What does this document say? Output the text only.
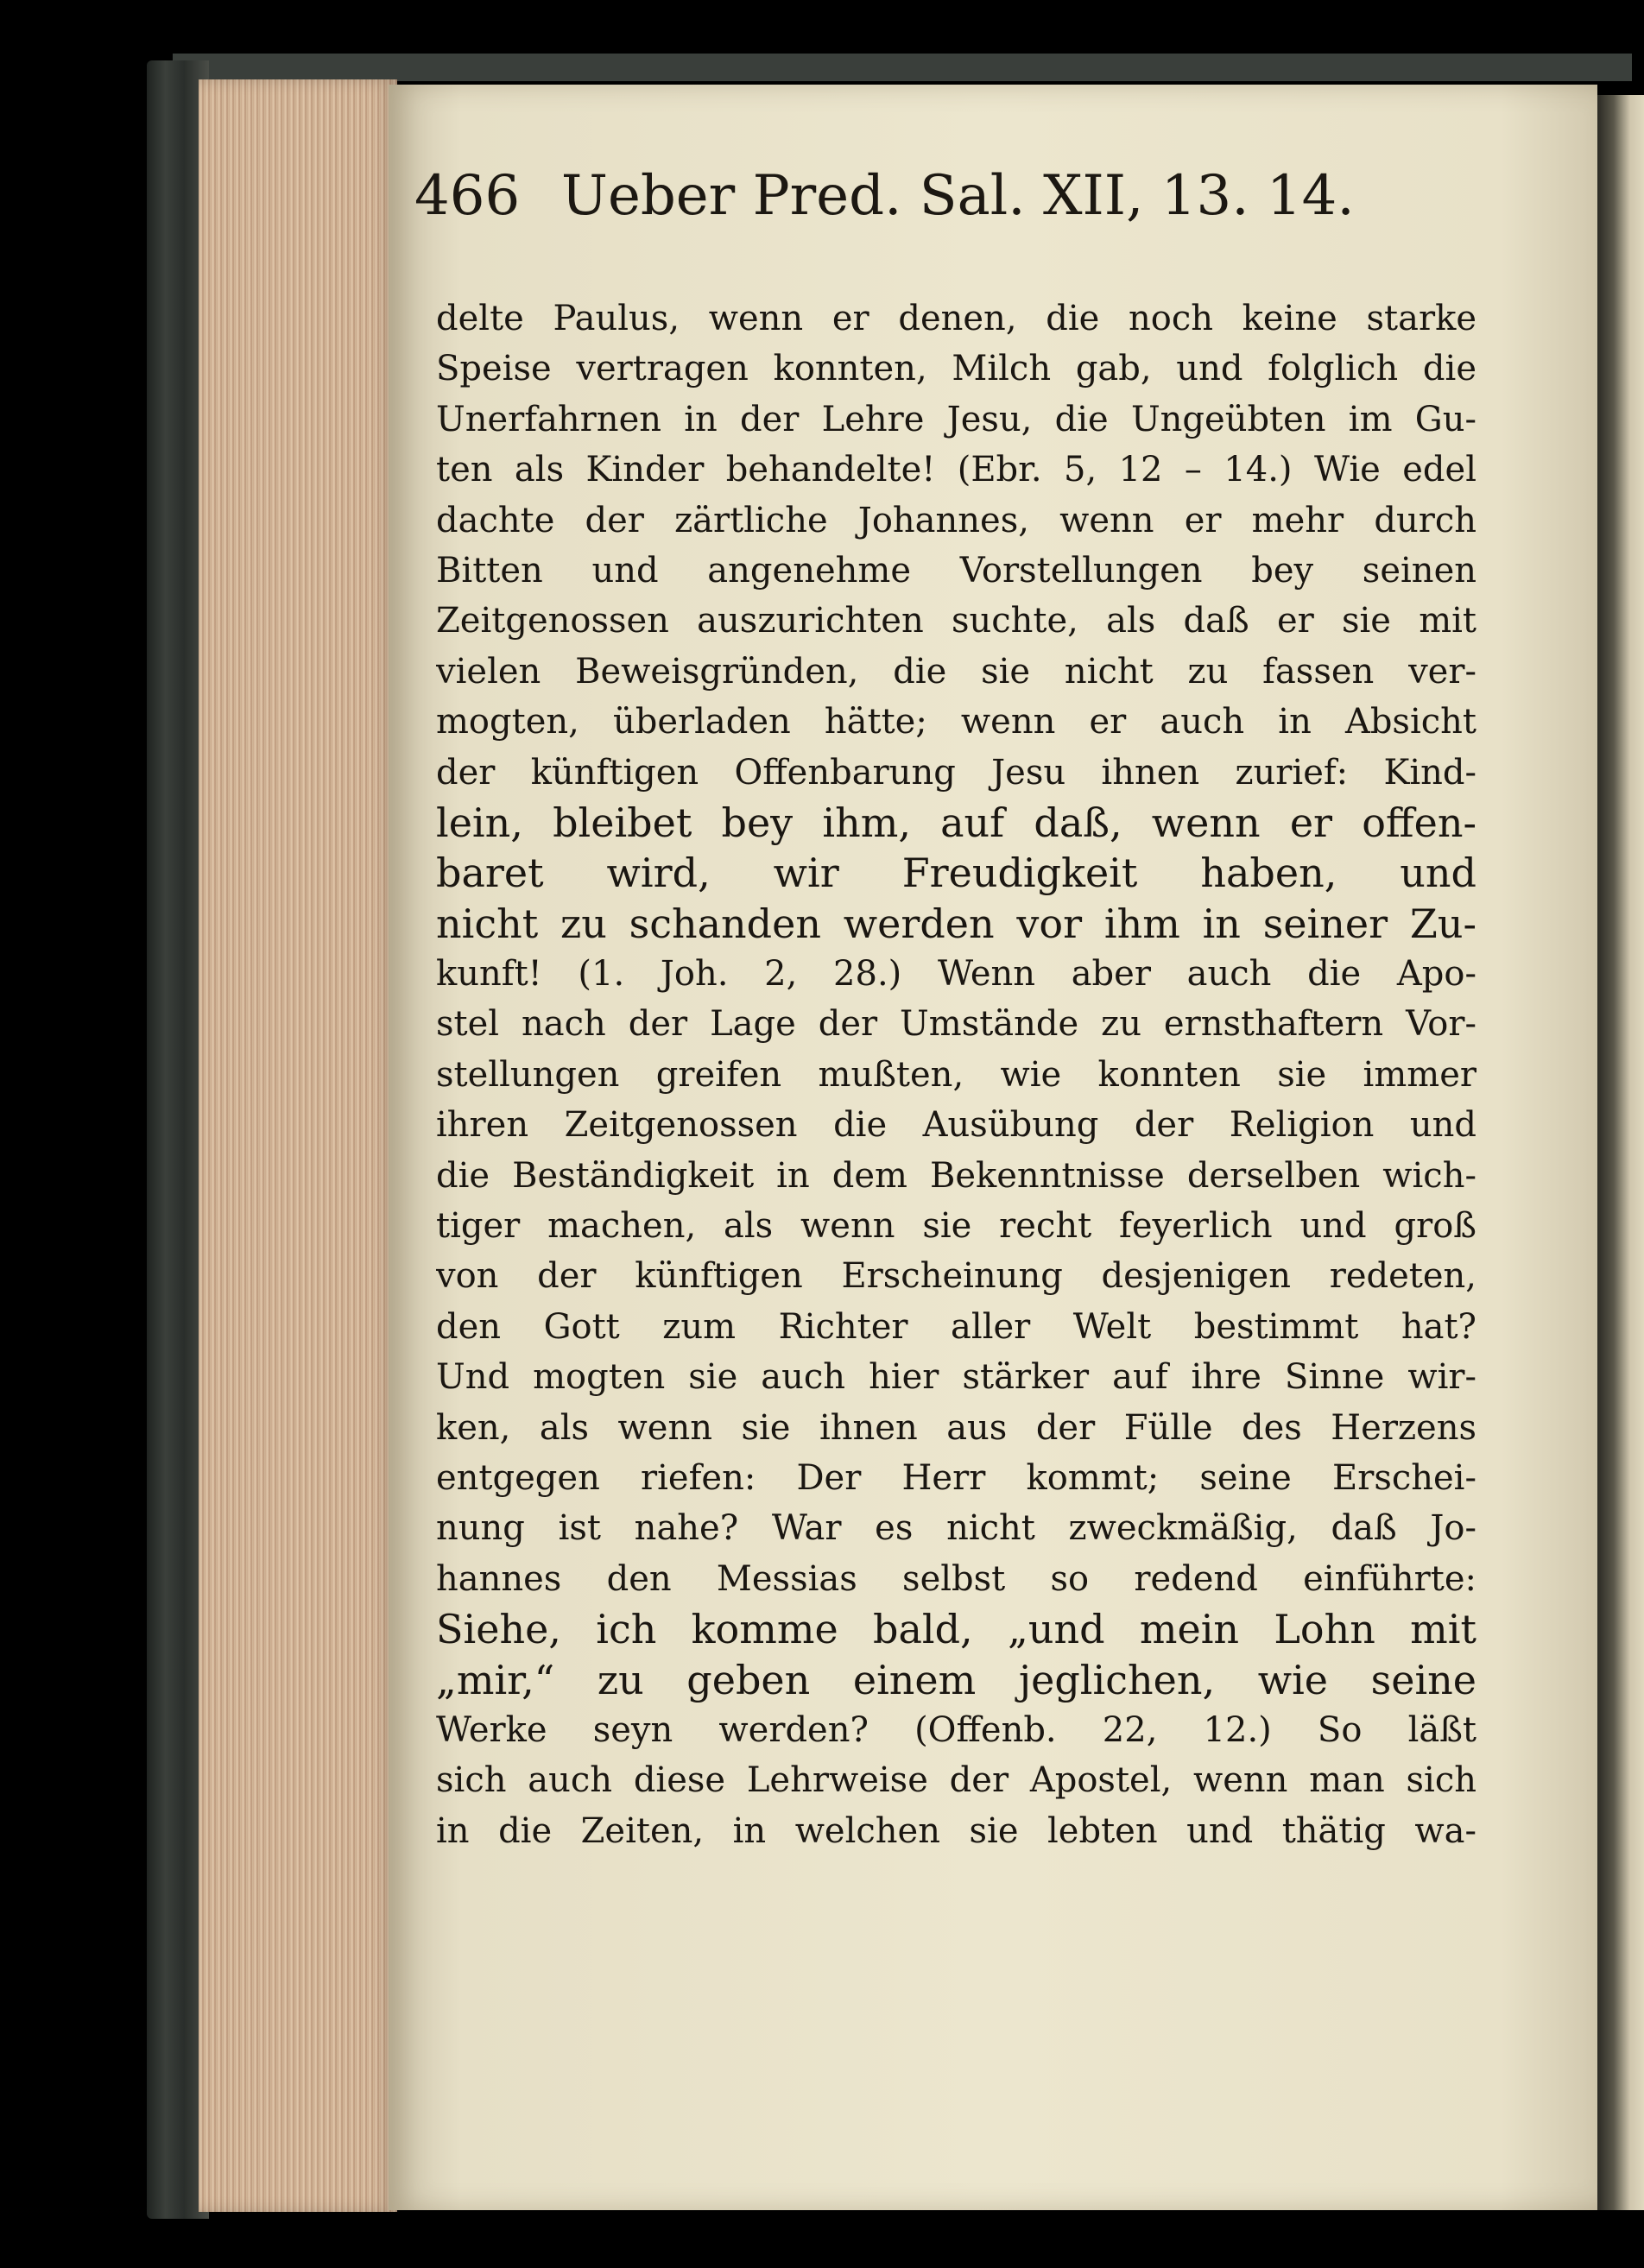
466 Ueber Pred. Sal. XII, 13. 14.
delte Paulus, wenn er denen, die noch keine starke
Speise vertragen konnten, Milch gab, und folglich die
Unerfahrnen in der Lehre Jesu, die Ungeübten im Gu-
ten als Kinder behandelte! (Ebr. 5, 12 – 14.) Wie edel
dachte der zärtliche Johannes, wenn er mehr durch
Bitten und angenehme Vorstellungen bey seinen
Zeitgenossen auszurichten suchte, als daß er sie mit
vielen Beweisgründen, die sie nicht zu fassen ver-
mogten, überladen hätte; wenn er auch in Absicht
der künftigen Offenbarung Jesu ihnen zurief: Kind-
lein, bleibet bey ihm, auf daß, wenn er offen-
baret wird, wir Freudigkeit haben, und
nicht zu schanden werden vor ihm in seiner Zu-
kunft! (1. Joh. 2, 28.) Wenn aber auch die Apo-
stel nach der Lage der Umstände zu ernsthaftern Vor-
stellungen greifen mußten, wie konnten sie immer
ihren Zeitgenossen die Ausübung der Religion und
die Beständigkeit in dem Bekenntnisse derselben wich-
tiger machen, als wenn sie recht feyerlich und groß
von der künftigen Erscheinung desjenigen redeten,
den Gott zum Richter aller Welt bestimmt hat?
Und mogten sie auch hier stärker auf ihre Sinne wir-
ken, als wenn sie ihnen aus der Fülle des Herzens
entgegen riefen: Der Herr kommt; seine Erschei-
nung ist nahe? War es nicht zweckmäßig, daß Jo-
hannes den Messias selbst so redend einführte:
Siehe, ich komme bald, „und mein Lohn mit
„mir,“ zu geben einem jeglichen, wie seine
Werke seyn werden? (Offenb. 22, 12.) So läßt
sich auch diese Lehrweise der Apostel, wenn man sich
in die Zeiten, in welchen sie lebten und thätig wa-
